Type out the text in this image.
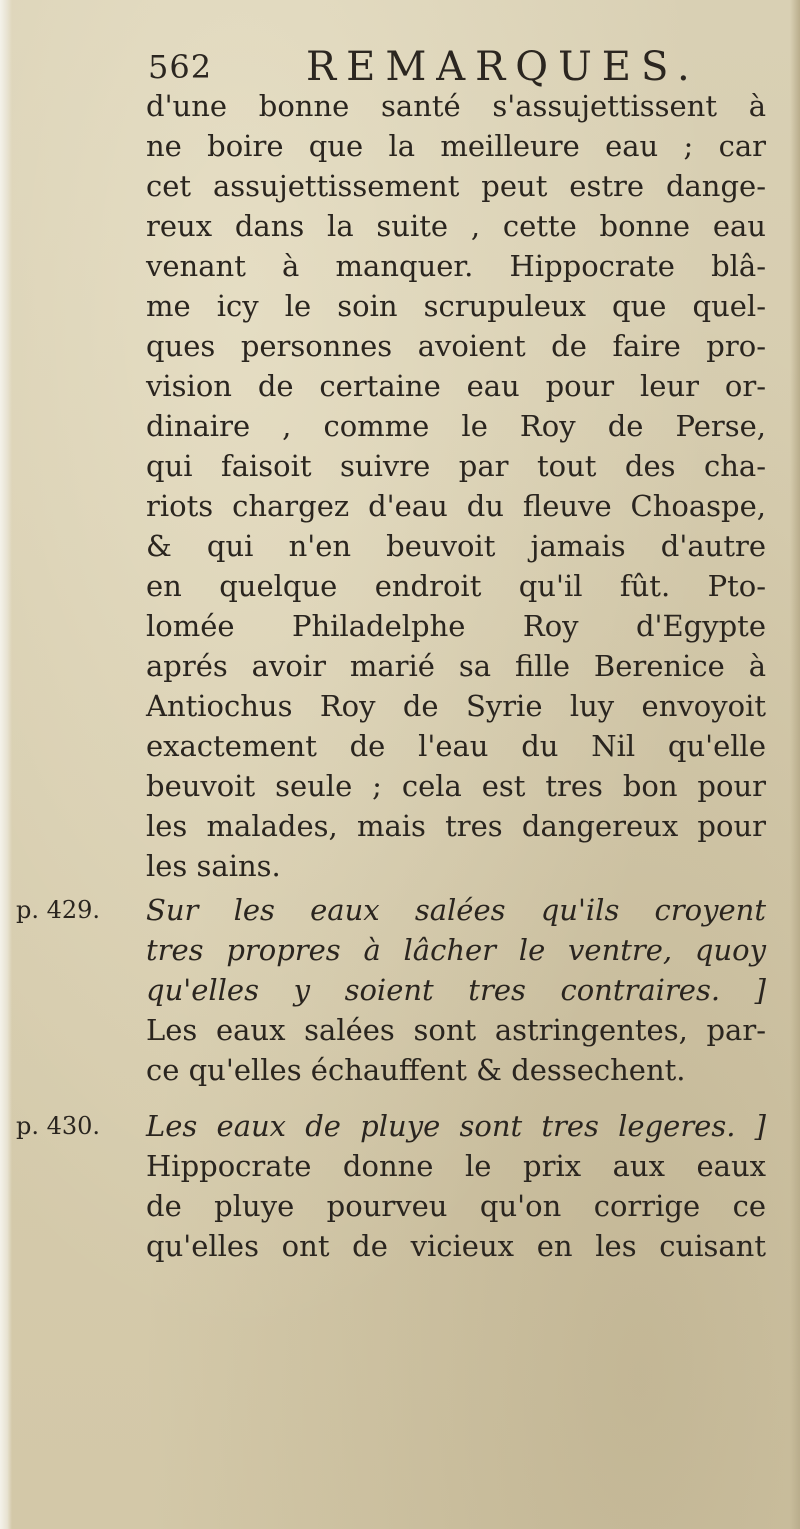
562 REMARQUES.
d'une bonne santé s'assujettissent à
ne boire que la meilleure eau ; car
cet assujettissement peut estre dange-
reux dans la suite , cette bonne eau
venant à manquer. Hippocrate blâ-
me icy le soin scrupuleux que quel-
ques personnes avoient de faire pro-
vision de certaine eau pour leur or-
dinaire , comme le Roy de Perse,
qui faisoit suivre par tout des cha-
riots chargez d'eau du fleuve Choaspe,
& qui n'en beuvoit jamais d'autre
en quelque endroit qu'il fût. Pto-
lomée Philadelphe Roy d'Egypte
aprés avoir marié sa fille Berenice à
Antiochus Roy de Syrie luy envoyoit
exactement de l'eau du Nil qu'elle
beuvoit seule ; cela est tres bon pour
les malades, mais tres dangereux pour
les sains.
p. 429.	Sur les eaux salées qu'ils croyent
tres propres à lâcher le ventre, quoy
qu'elles y soient tres contraires. ]
Les eaux salées sont astringentes, par-
ce qu'elles échauffent & dessechent.
p. 430.	Les eaux de pluye sont tres legeres. ]
Hippocrate donne le prix aux eaux
de pluye pourveu qu'on corrige ce
qu'elles ont de vicieux en les cuisant
